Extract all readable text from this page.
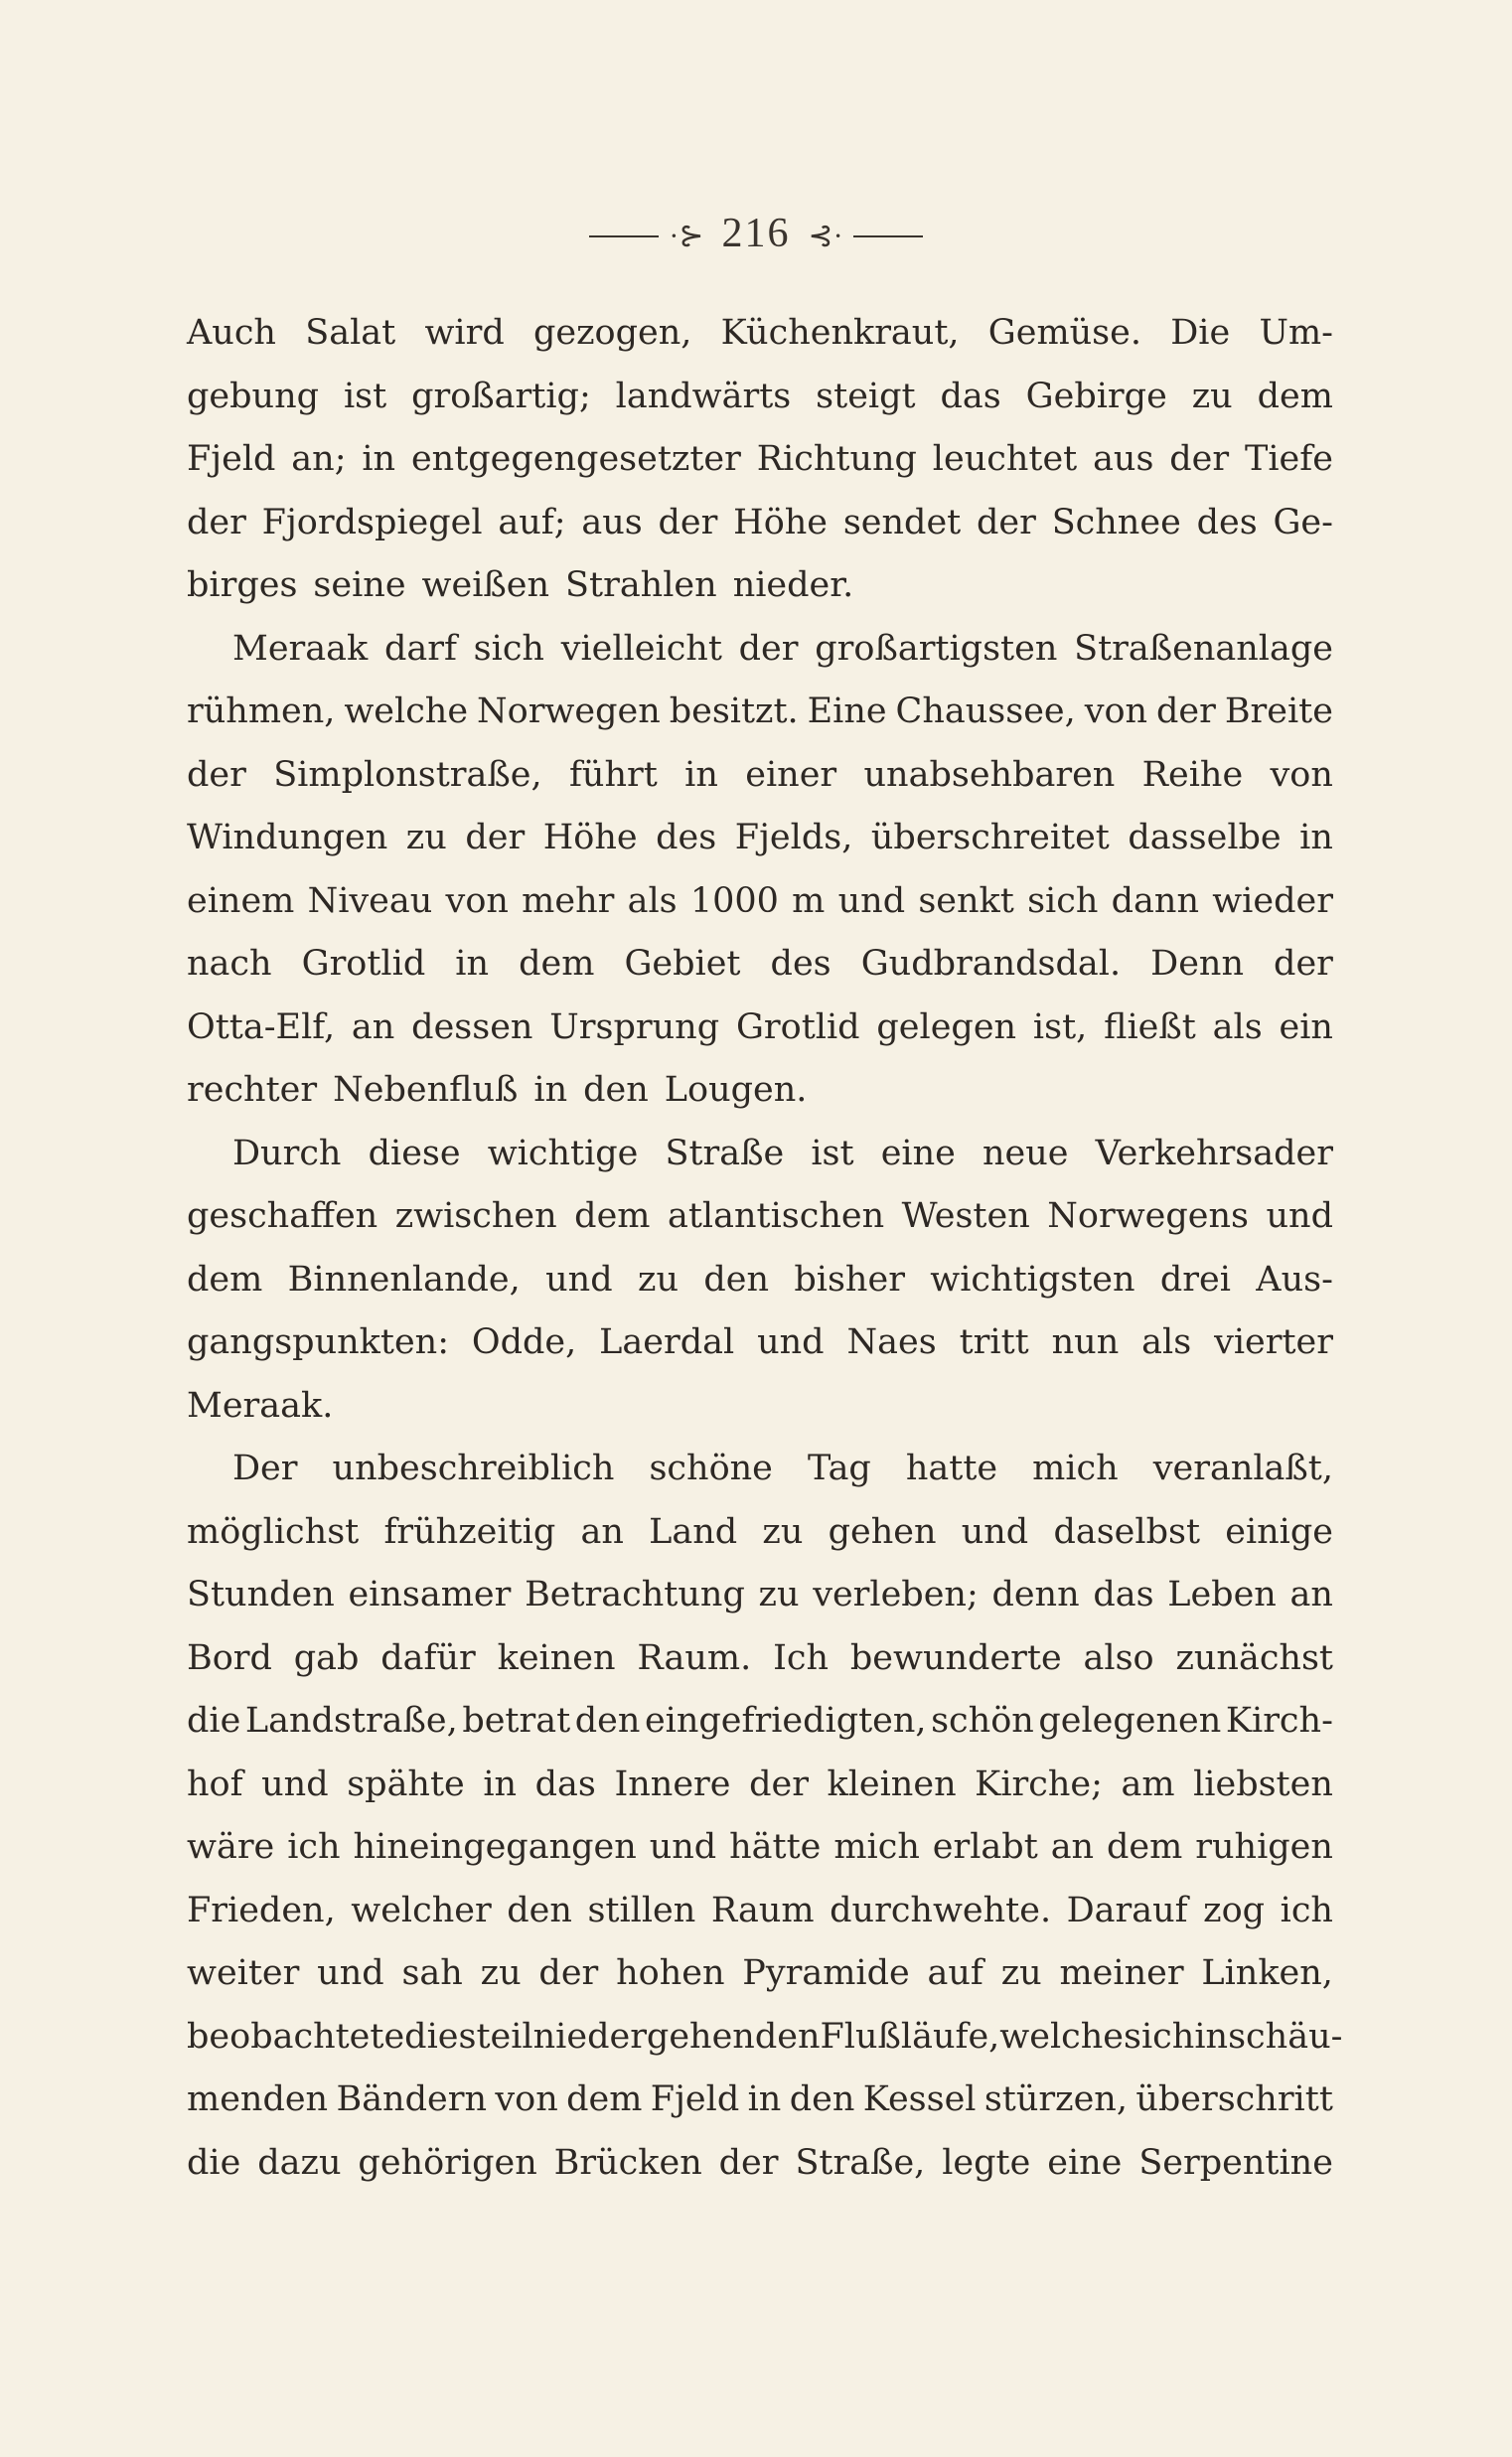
·⊱ 216 ⊰·
Auch Salat wird gezogen, Küchenkraut, Gemüse. Die Um-
gebung ist großartig; landwärts steigt das Gebirge zu dem
Fjeld an; in entgegengesetzter Richtung leuchtet aus der Tiefe
der Fjordspiegel auf; aus der Höhe sendet der Schnee des Ge-
birges seine weißen Strahlen nieder.
Meraak darf sich vielleicht der großartigsten Straßenanlage
rühmen, welche Norwegen besitzt. Eine Chaussee, von der Breite
der Simplonstraße, führt in einer unabsehbaren Reihe von
Windungen zu der Höhe des Fjelds, überschreitet dasselbe in
einem Niveau von mehr als 1000 m und senkt sich dann wieder
nach Grotlid in dem Gebiet des Gudbrandsdal. Denn der
Otta-Elf, an dessen Ursprung Grotlid gelegen ist, fließt als ein
rechter Nebenfluß in den Lougen.
Durch diese wichtige Straße ist eine neue Verkehrsader
geschaffen zwischen dem atlantischen Westen Norwegens und
dem Binnenlande, und zu den bisher wichtigsten drei Aus-
gangspunkten: Odde, Laerdal und Naes tritt nun als vierter
Meraak.
Der unbeschreiblich schöne Tag hatte mich veranlaßt,
möglichst frühzeitig an Land zu gehen und daselbst einige
Stunden einsamer Betrachtung zu verleben; denn das Leben an
Bord gab dafür keinen Raum. Ich bewunderte also zunächst
die Landstraße, betrat den eingefriedigten, schön gelegenen Kirch-
hof und spähte in das Innere der kleinen Kirche; am liebsten
wäre ich hineingegangen und hätte mich erlabt an dem ruhigen
Frieden, welcher den stillen Raum durchwehte. Darauf zog ich
weiter und sah zu der hohen Pyramide auf zu meiner Linken,
beobachtete die steil niedergehenden Flußläufe, welche sich in schäu-
menden Bändern von dem Fjeld in den Kessel stürzen, überschritt
die dazu gehörigen Brücken der Straße, legte eine Serpentine
